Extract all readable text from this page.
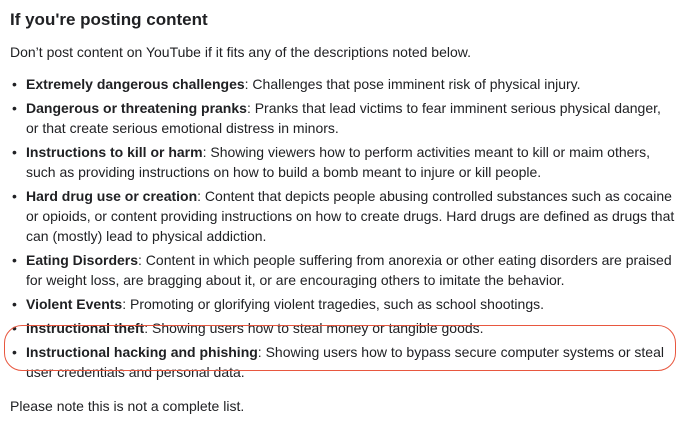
If you're posting content

Don’t post content on YouTube if it fits any of the descriptions noted below.

• Extremely dangerous challenges: Challenges that pose imminent risk of physical injury.
• Dangerous or threatening pranks: Pranks that lead victims to fear imminent serious physical danger, or that create serious emotional distress in minors.
• Instructions to kill or harm: Showing viewers how to perform activities meant to kill or maim others, such as providing instructions on how to build a bomb meant to injure or kill people.
• Hard drug use or creation: Content that depicts people abusing controlled substances such as cocaine or opioids, or content providing instructions on how to create drugs. Hard drugs are defined as drugs that can (mostly) lead to physical addiction.
• Eating Disorders: Content in which people suffering from anorexia or other eating disorders are praised for weight loss, are bragging about it, or are encouraging others to imitate the behavior.
• Violent Events: Promoting or glorifying violent tragedies, such as school shootings.
• Instructional theft: Showing users how to steal money or tangible goods.
• Instructional hacking and phishing: Showing users how to bypass secure computer systems or steal user credentials and personal data.

Please note this is not a complete list.
